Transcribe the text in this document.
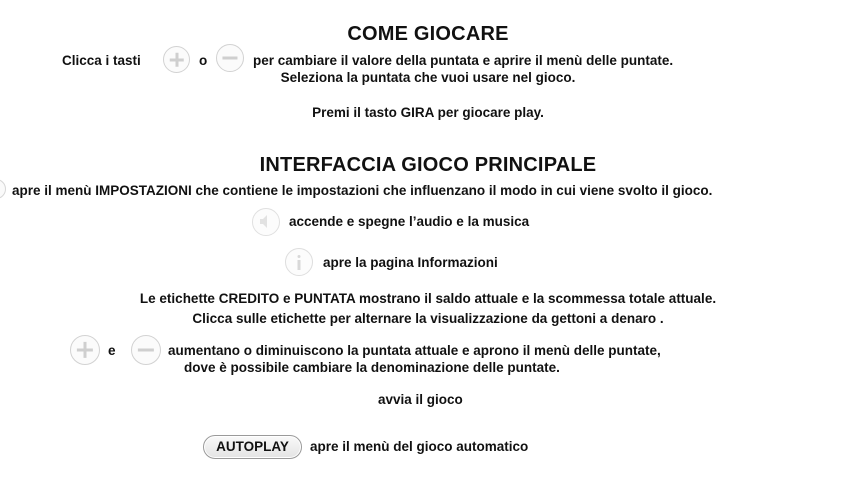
COME GIOCARE
Clicca i tasti	o	per cambiare il valore della puntata e aprire il menù delle puntate.
Seleziona la puntata che vuoi usare nel gioco.
Premi il tasto GIRA per giocare play.
INTERFACCIA GIOCO PRINCIPALE
apre il menù IMPOSTAZIONI che contiene le impostazioni che influenzano il modo in cui viene svolto il gioco.
accende e spegne l’audio e la musica
apre la pagina Informazioni
Le etichette CREDITO e PUNTATA mostrano il saldo attuale e la scommessa totale attuale.
Clicca sulle etichette per alternare la visualizzazione da gettoni a denaro .
e	aumentano o diminuiscono la puntata attuale e aprono il menù delle puntate,
dove è possibile cambiare la denominazione delle puntate.
avvia il gioco
AUTOPLAY	apre il menù del gioco automatico
